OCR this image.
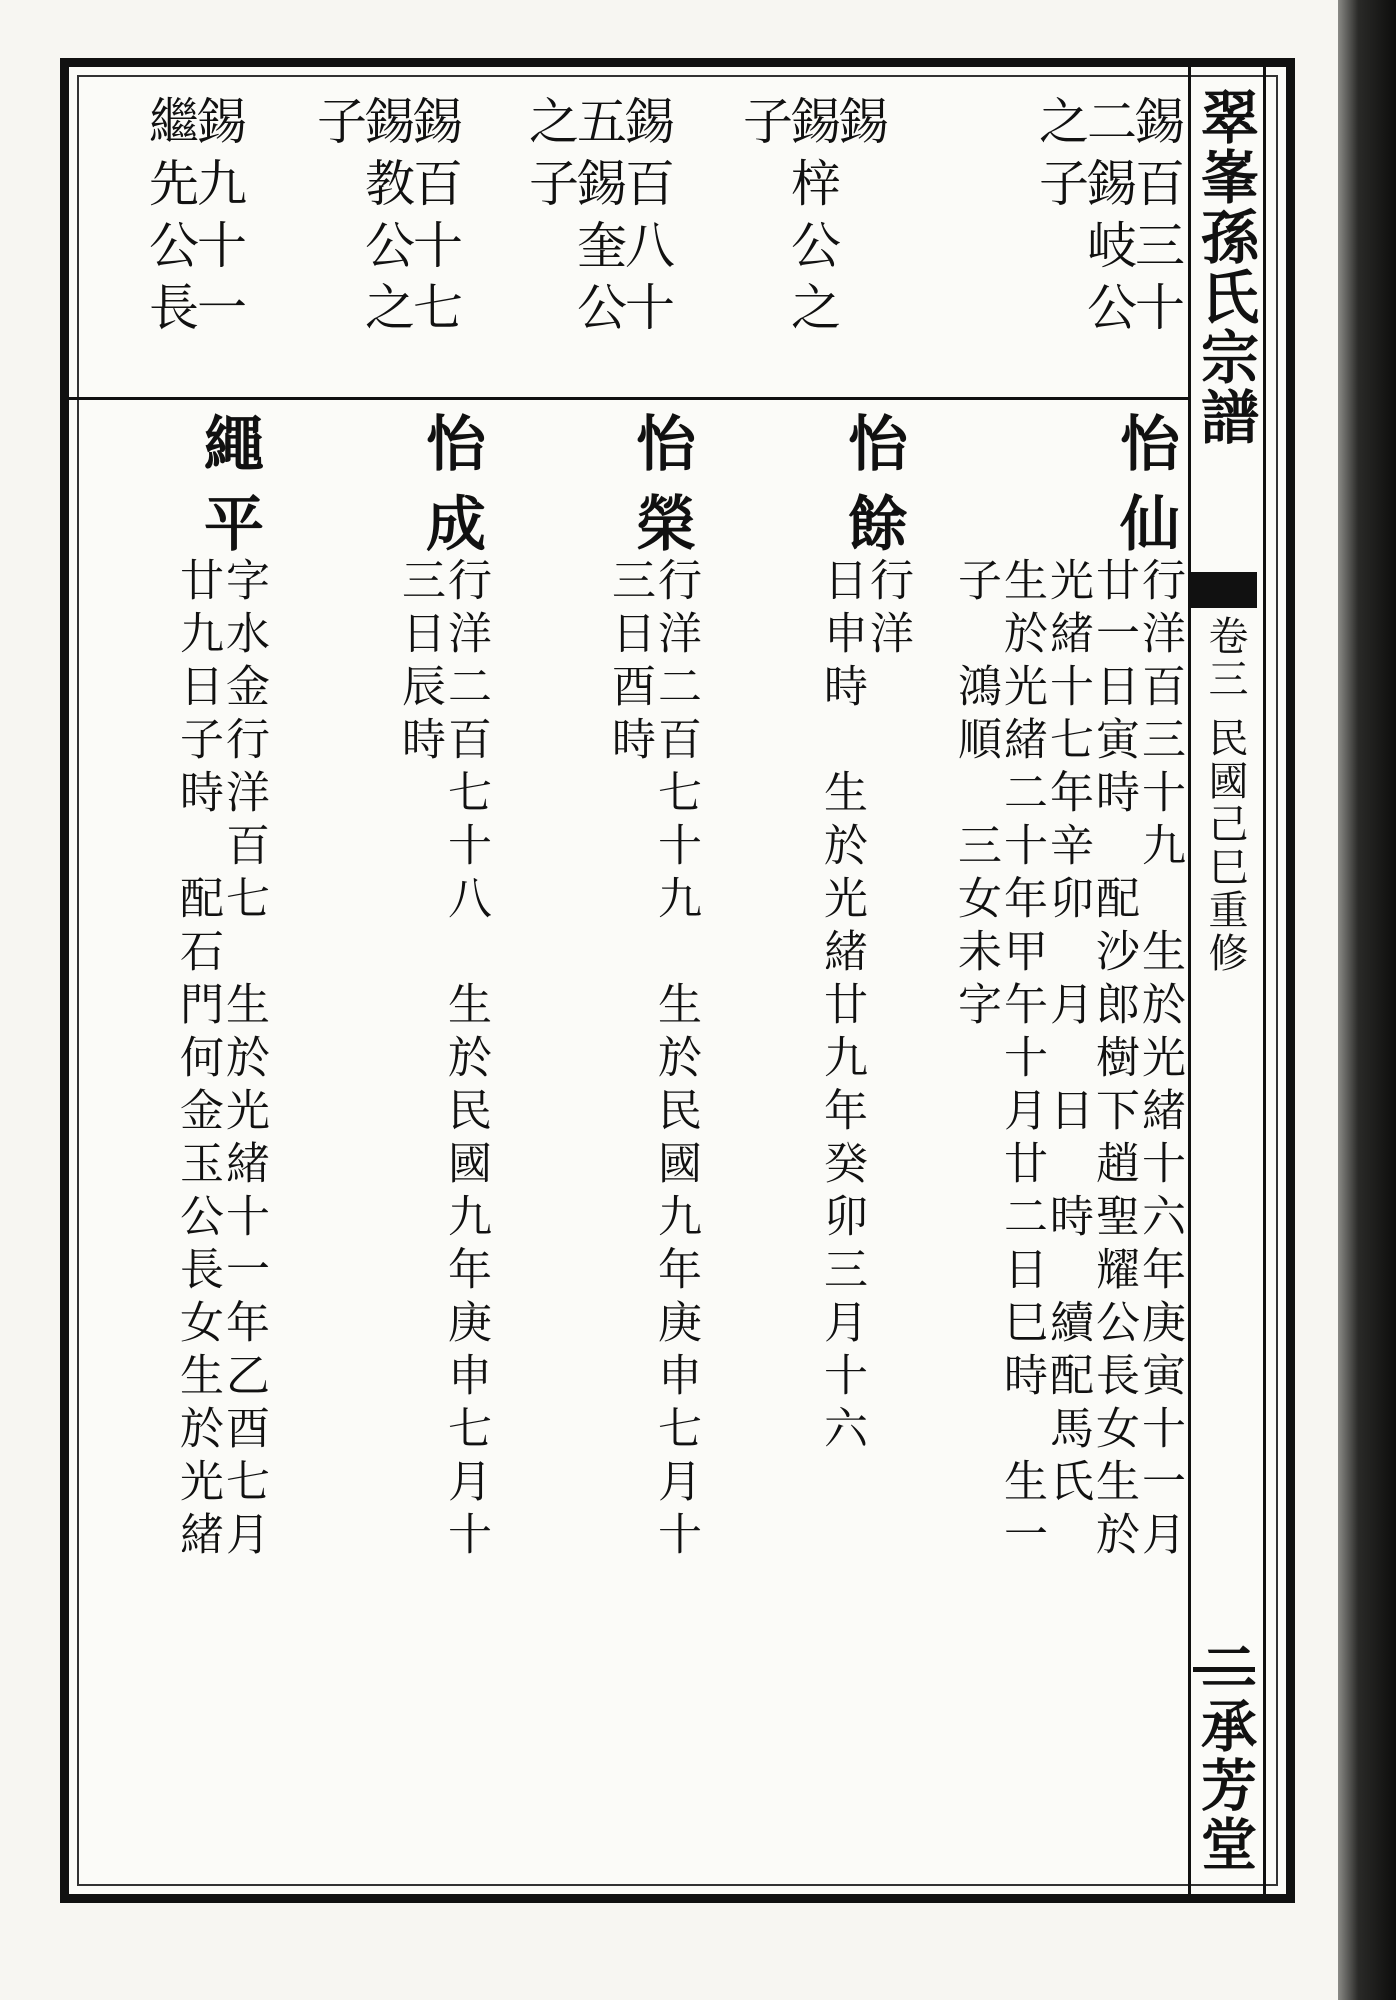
翠峯孫氏宗譜
卷三 民國己巳重修
二承芳堂
錫百三十
二錫岐公
之子
錫
錫梓公之
子
錫百八十
五錫奎公
之子
錫百十七
錫教公之
子
錫九十一
繼先公長
怡仙
行洋百三十九　生於光緒十六年庚寅十一月
廿一日寅時　配沙郎樹下趙聖耀公長女生於
光緒十七年辛卯　月　日　時　續配馬氏
生於光緒二十年甲午十月廿二日巳時　生一
子　鴻順　三女未字
怡餘
行洋
日申時　生於光緒廿九年癸卯三月十六
怡榮
行洋二百七十九　生於民國九年庚申七月十
三日酉時
怡成
行洋二百七十八　生於民國九年庚申七月十
三日辰時
繩平
字水金行洋百七　生於光緒十一年乙酉七月
廿九日子時　配石門何金玉公長女生於光緒
